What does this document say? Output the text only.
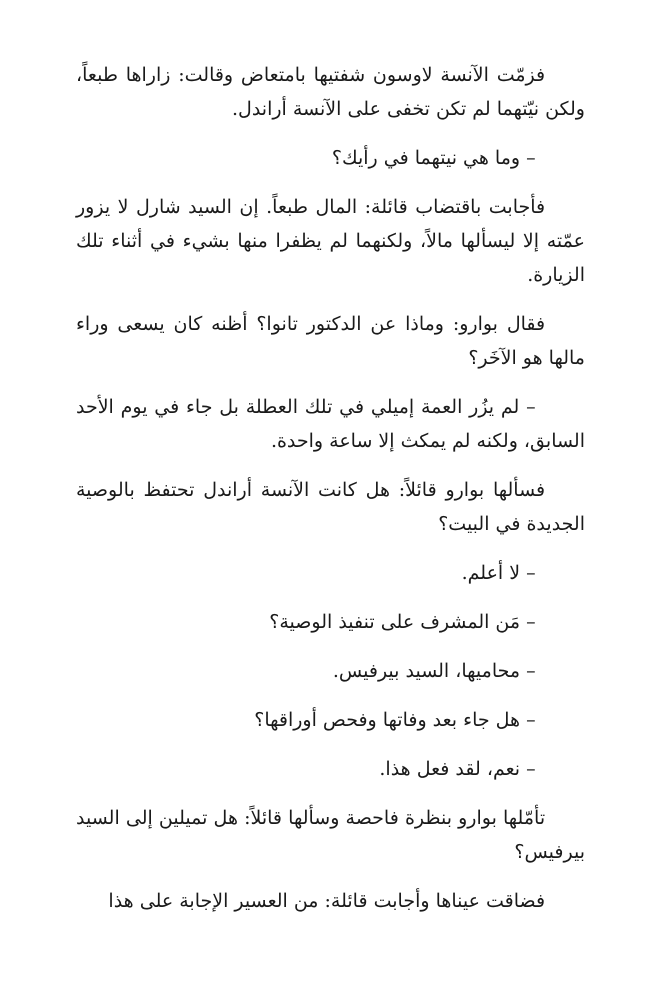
فزمّت الآنسة لاوسون شفتيها بامتعاض وقالت: زاراها طبعاً، ولكن نيّتهما لم تكن تخفى على الآنسة أراندل.

– وما هي نيتهما في رأيك؟

فأجابت باقتضاب قائلة: المال طبعاً. إن السيد شارل لا يزور عمّته إلا ليسألها مالاً، ولكنهما لم يظفرا منها بشيء في أثناء تلك الزيارة.

فقال بوارو: وماذا عن الدكتور تانوا؟ أظنه كان يسعى وراء مالها هو الآخَر؟

– لم يزُر العمة إميلي في تلك العطلة بل جاء في يوم الأحد السابق، ولكنه لم يمكث إلا ساعة واحدة.

فسألها بوارو قائلاً: هل كانت الآنسة أراندل تحتفظ بالوصية الجديدة في البيت؟

– لا أعلم.

– مَن المشرف على تنفيذ الوصية؟

– محاميها، السيد بيرفيس.

– هل جاء بعد وفاتها وفحص أوراقها؟

– نعم، لقد فعل هذا.

تأمّلها بوارو بنظرة فاحصة وسألها قائلاً: هل تميلين إلى السيد بيرفيس؟

فضاقت عيناها وأجابت قائلة: من العسير الإجابة على هذا
